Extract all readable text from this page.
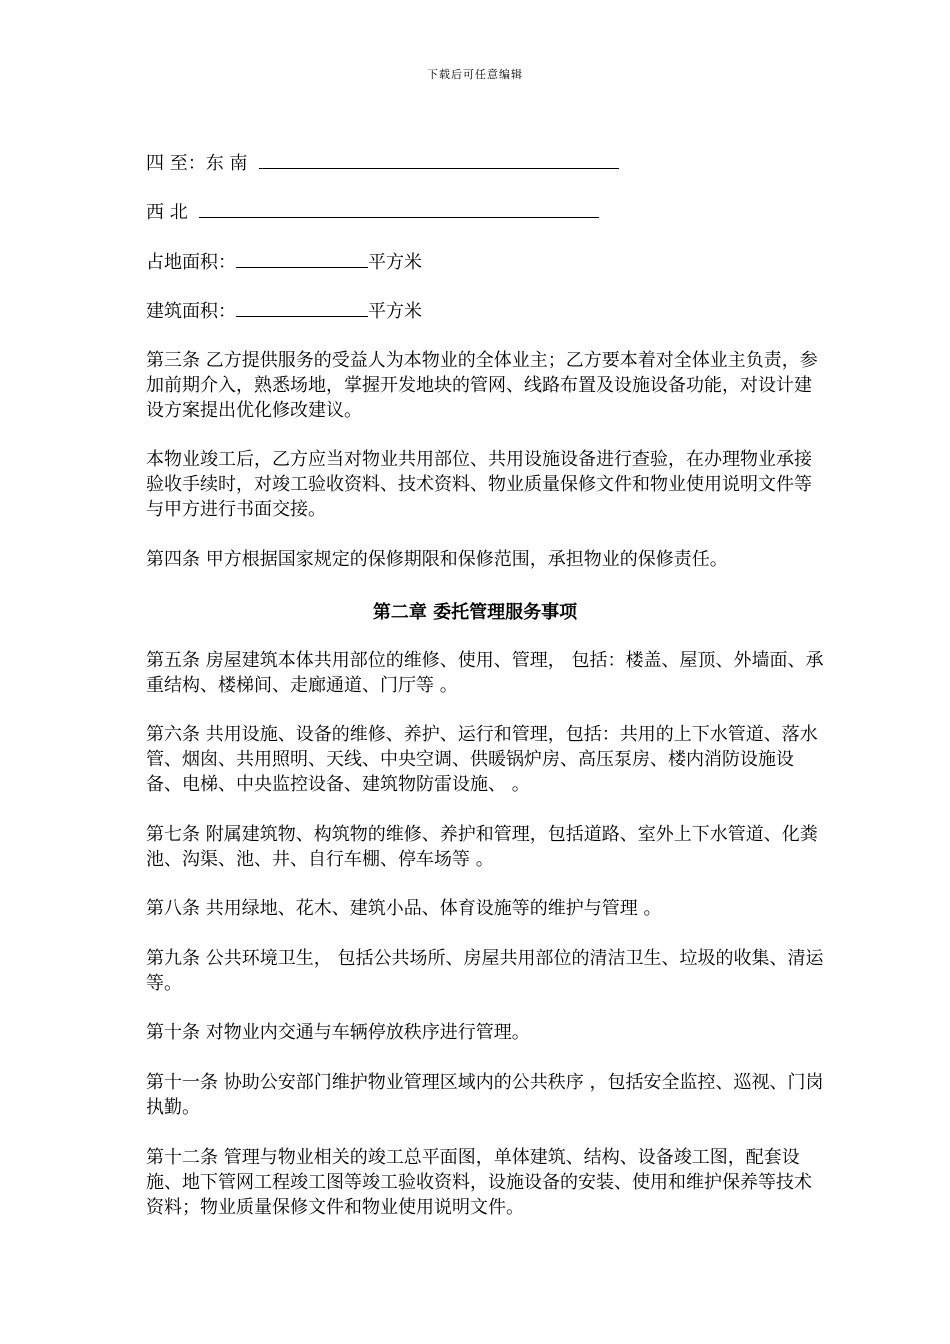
下载后可任意编辑
四 至：东 南
西 北
占地面积：	平方米
建筑面积：	平方米

第三条 乙方提供服务的受益人为本物业的全体业主；乙方要本着对全体业主负责，参加前期介入，熟悉场地，掌握开发地块的管网、线路布置及设施设备功能，对设计建设方案提出优化修改建议。

本物业竣工后，乙方应当对物业共用部位、共用设施设备进行查验，在办理物业承接验收手续时，对竣工验收资料、技术资料、物业质量保修文件和物业使用说明文件等与甲方进行书面交接。

第四条 甲方根据国家规定的保修期限和保修范围，承担物业的保修责任。

第二章 委托管理服务事项

第五条 房屋建筑本体共用部位的维修、使用、管理， 包括：楼盖、屋顶、外墙面、承重结构、楼梯间、走廊通道、门厅等 。

第六条 共用设施、设备的维修、养护、运行和管理，包括：共用的上下水管道、落水管、烟囱、共用照明、天线、中央空调、供暖锅炉房、高压泵房、楼内消防设施设备、电梯、中央监控设备、建筑物防雷设施、 。

第七条 附属建筑物、构筑物的维修、养护和管理，包括道路、室外上下水管道、化粪池、沟渠、池、井、自行车棚、停车场等 。

第八条 共用绿地、花木、建筑小品、体育设施等的维护与管理 。

第九条 公共环境卫生， 包括公共场所、房屋共用部位的清洁卫生、垃圾的收集、清运等。

第十条 对物业内交通与车辆停放秩序进行管理。

第十一条 协助公安部门维护物业管理区域内的公共秩序 ，包括安全监控、巡视、门岗执勤。

第十二条 管理与物业相关的竣工总平面图，单体建筑、结构、设备竣工图，配套设施、地下管网工程竣工图等竣工验收资料，设施设备的安装、使用和维护保养等技术资料；物业质量保修文件和物业使用说明文件。
